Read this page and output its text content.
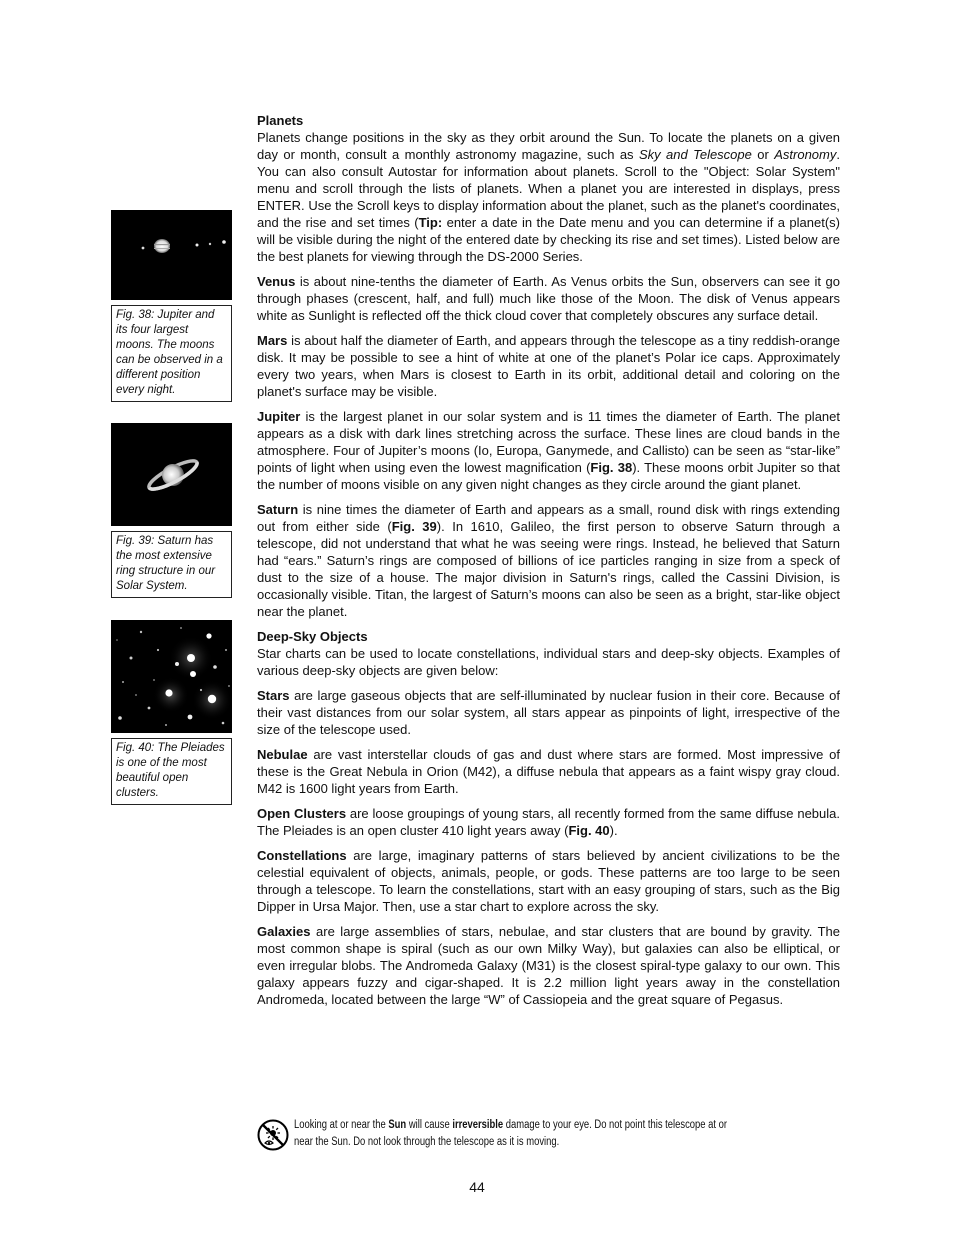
Fig. 38: Jupiter and its four largest moons. The moons can be observed in a different position every night.
Fig. 39: Saturn has the most extensive ring structure in our Solar System.
Fig. 40: The Pleiades is one of the most beautiful open clusters.
Planets

Planets change positions in the sky as they orbit around the Sun. To locate the planets on a given day or month, consult a monthly astronomy magazine, such as Sky and Telescope or Astronomy. You can also consult Autostar for information about planets. Scroll to the "Object: Solar System" menu and scroll through the lists of planets. When a planet you are interested in displays, press ENTER. Use the Scroll keys to display information about the planet, such as the planet's coordinates, and the rise and set times (Tip: enter a date in the Date menu and you can determine if a planet(s) will be visible during the night of the entered date by checking its rise and set times). Listed below are the best planets for viewing through the DS-2000 Series.

Venus is about nine-tenths the diameter of Earth. As Venus orbits the Sun, observers can see it go through phases (crescent, half, and full) much like those of the Moon. The disk of Venus appears white as Sunlight is reflected off the thick cloud cover that completely obscures any surface detail.

Mars is about half the diameter of Earth, and appears through the telescope as a tiny reddish-orange disk. It may be possible to see a hint of white at one of the planet’s Polar ice caps. Approximately every two years, when Mars is closest to Earth in its orbit, additional detail and coloring on the planet's surface may be visible.

Jupiter is the largest planet in our solar system and is 11 times the diameter of Earth. The planet appears as a disk with dark lines stretching across the surface. These lines are cloud bands in the atmosphere. Four of Jupiter’s moons (Io, Europa, Ganymede, and Callisto) can be seen as “star-like” points of light when using even the lowest magnification (Fig. 38). These moons orbit Jupiter so that the number of moons visible on any given night changes as they circle around the giant planet.

Saturn is nine times the diameter of Earth and appears as a small, round disk with rings extending out from either side (Fig. 39). In 1610, Galileo, the first person to observe Saturn through a telescope, did not understand that what he was seeing were rings. Instead, he believed that Saturn had “ears.” Saturn’s rings are composed of billions of ice particles ranging in size from a speck of dust to the size of a house. The major division in Saturn's rings, called the Cassini Division, is occasionally visible. Titan, the largest of Saturn’s moons can also be seen as a bright, star-like object near the planet.

Deep-Sky Objects

Star charts can be used to locate constellations, individual stars and deep-sky objects. Examples of various deep-sky objects are given below:

Stars are large gaseous objects that are self-illuminated by nuclear fusion in their core. Because of their vast distances from our solar system, all stars appear as pinpoints of light, irrespective of the size of the telescope used.

Nebulae are vast interstellar clouds of gas and dust where stars are formed. Most impressive of these is the Great Nebula in Orion (M42), a diffuse nebula that appears as a faint wispy gray cloud. M42 is 1600 light years from Earth.

Open Clusters are loose groupings of young stars, all recently formed from the same diffuse nebula. The Pleiades is an open cluster 410 light years away (Fig. 40).

Constellations are large, imaginary patterns of stars believed by ancient civilizations to be the celestial equivalent of objects, animals, people, or gods. These patterns are too large to be seen through a telescope. To learn the constellations, start with an easy grouping of stars, such as the Big Dipper in Ursa Major. Then, use a star chart to explore across the sky.

Galaxies are large assemblies of stars, nebulae, and star clusters that are bound by gravity. The most common shape is spiral (such as our own Milky Way), but galaxies can also be elliptical, or even irregular blobs. The Andromeda Galaxy (M31) is the closest spiral-type galaxy to our own. This galaxy appears fuzzy and cigar-shaped. It is 2.2 million light years away in the constellation Andromeda, located between the large “W” of Cassiopeia and the great square of Pegasus.

Looking at or near the Sun will cause irreversible damage to your eye. Do not point this telescope at or near the Sun. Do not look through the telescope as it is moving.
44
